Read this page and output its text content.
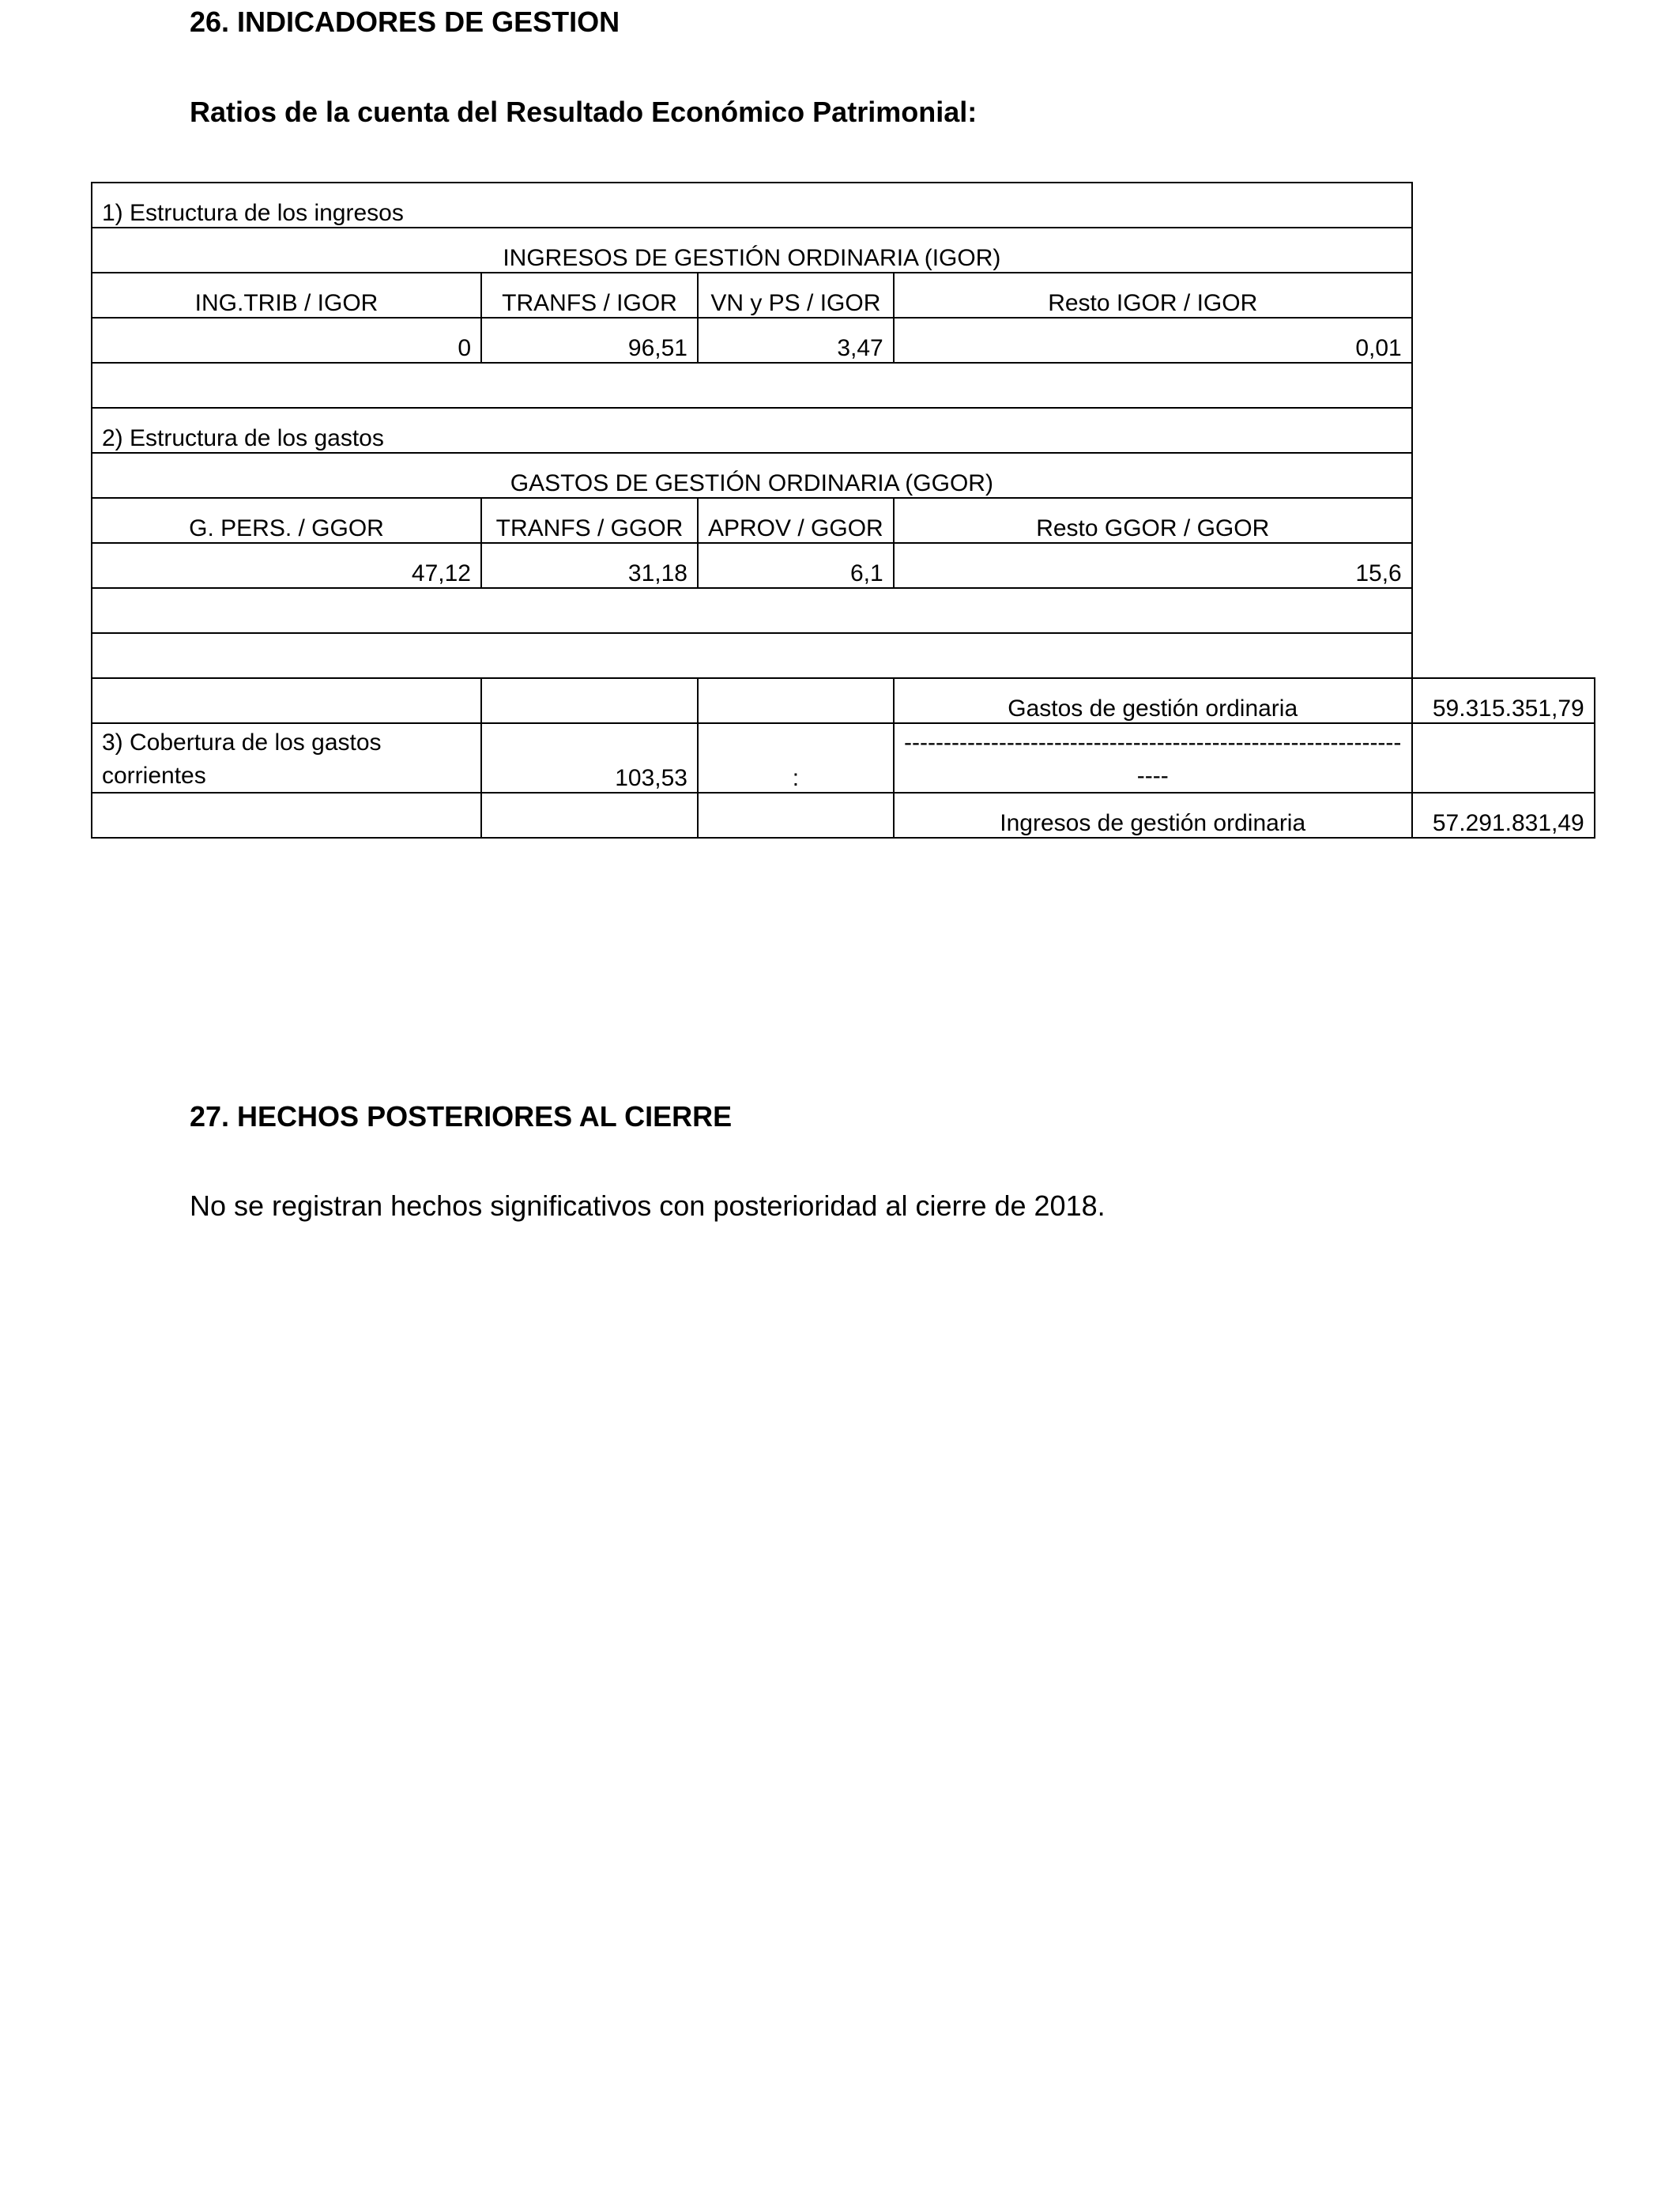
26. INDICADORES DE GESTION
Ratios de la cuenta del Resultado Económico Patrimonial:
1) Estructura de los ingresos				
INGRESOS DE GESTIÓN ORDINARIA (IGOR)				
ING.TRIB / IGOR	TRANFS / IGOR	VN y PS / IGOR	Resto IGOR / IGOR	
0	96,51	3,47	0,01	

2) Estructura de los gastos				
GASTOS DE GESTIÓN ORDINARIA (GGOR)				
G. PERS. / GGOR	TRANFS / GGOR	APROV / GGOR	Resto GGOR / GGOR	
47,12	31,18	6,1	15,6	

			Gastos de gestión ordinaria	59.315.351,79
3) Cobertura de los gastos corrientes	103,53	:	-------------------------------------------------------------------	
			Ingresos de gestión ordinaria	57.291.831,49
27. HECHOS POSTERIORES AL CIERRE

No se registran hechos significativos con posterioridad al cierre de 2018.
